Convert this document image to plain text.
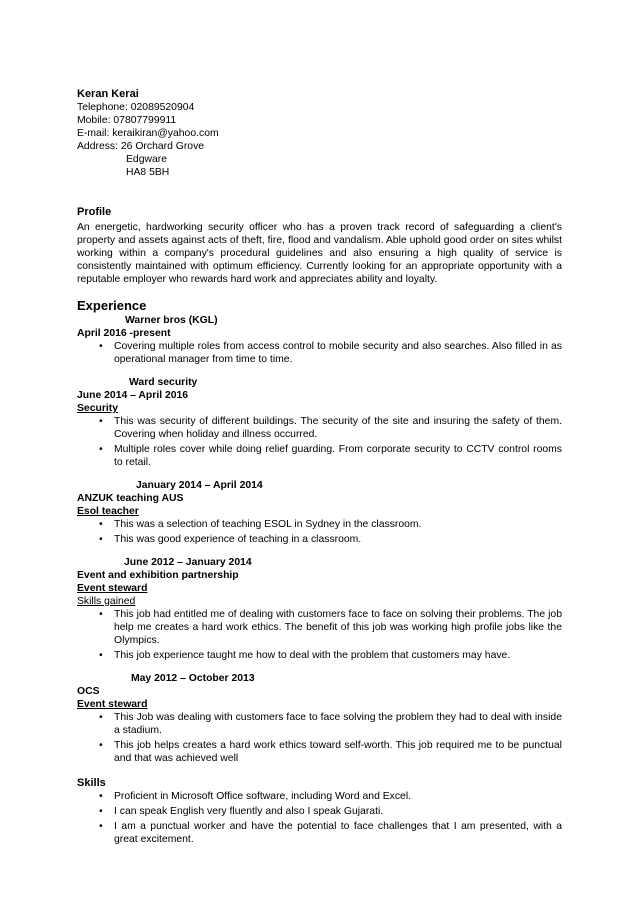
Keran Kerai
Telephone: 02089520904
Mobile: 07807799911
E-mail: keraikiran@yahoo.com
Address: 26 Orchard Grove
Edgware
HA8 5BH
Profile

An energetic, hardworking security officer who has a proven track record of safeguarding a client's property and assets against acts of theft, fire, flood and vandalism. Able uphold good order on sites whilst working within a company's procedural guidelines and also ensuring a high quality of service is consistently maintained with optimum efficiency. Currently looking for an appropriate opportunity with a reputable employer who rewards hard work and appreciates ability and loyalty.

Experience
Warner bros (KGL)
April 2016 -present
• Covering multiple roles from access control to mobile security and also searches. Also filled in as operational manager from time to time.
Ward security
June 2014 – April 2016
Security
• This was security of different buildings. The security of the site and insuring the safety of them. Covering when holiday and illness occurred.
• Multiple roles cover while doing relief guarding. From corporate security to CCTV control rooms to retail.
January 2014 – April 2014
ANZUK teaching AUS
Esol teacher
• This was a selection of teaching ESOL in Sydney in the classroom.
• This was good experience of teaching in a classroom.
June 2012 – January 2014
Event and exhibition partnership
Event steward
Skills gained
• This job had entitled me of dealing with customers face to face on solving their problems. The job help me creates a hard work ethics. The benefit of this job was working high profile jobs like the Olympics.
• This job experience taught me how to deal with the problem that customers may have.
May 2012 – October 2013
OCS
Event steward
• This Job was dealing with customers face to face solving the problem they had to deal with inside a stadium.
• This job helps creates a hard work ethics toward self-worth. This job required me to be punctual and that was achieved well
Skills
• Proficient in Microsoft Office software, including Word and Excel.
• I can speak English very fluently and also I speak Gujarati.
• I am a punctual worker and have the potential to face challenges that I am presented, with a great excitement.
